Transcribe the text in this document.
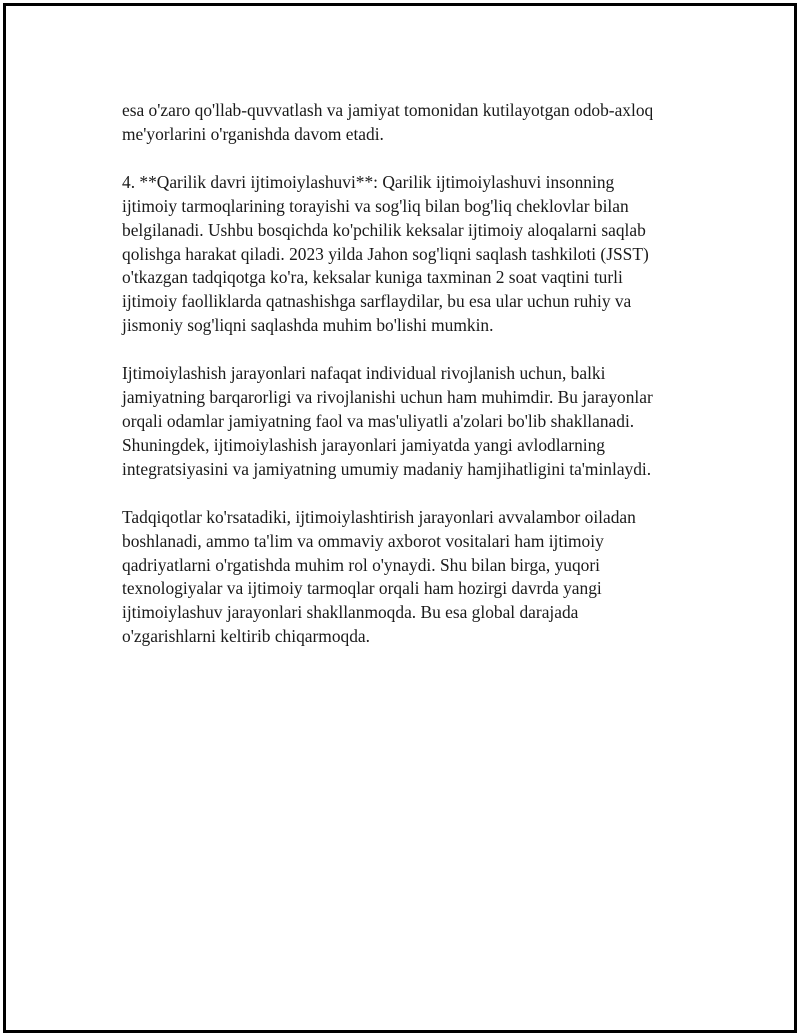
esa o'zaro qo'llab-quvvatlash va jamiyat tomonidan kutilayotgan odob-axloq
me'yorlarini o'rganishda davom etadi.

4. **Qarilik davri ijtimoiylashuvi**: Qarilik ijtimoiylashuvi insonning
ijtimoiy tarmoqlarining torayishi va sog'liq bilan bog'liq cheklovlar bilan
belgilanadi. Ushbu bosqichda ko'pchilik keksalar ijtimoiy aloqalarni saqlab
qolishga harakat qiladi. 2023 yilda Jahon sog'liqni saqlash tashkiloti (JSST)
o'tkazgan tadqiqotga ko'ra, keksalar kuniga taxminan 2 soat vaqtini turli
ijtimoiy faolliklarda qatnashishga sarflaydilar, bu esa ular uchun ruhiy va
jismoniy sog'liqni saqlashda muhim bo'lishi mumkin.

Ijtimoiylashish jarayonlari nafaqat individual rivojlanish uchun, balki
jamiyatning barqarorligi va rivojlanishi uchun ham muhimdir. Bu jarayonlar
orqali odamlar jamiyatning faol va mas'uliyatli a'zolari bo'lib shakllanadi.
Shuningdek, ijtimoiylashish jarayonlari jamiyatda yangi avlodlarning
integratsiyasini va jamiyatning umumiy madaniy hamjihatligini ta'minlaydi.

Tadqiqotlar ko'rsatadiki, ijtimoiylashtirish jarayonlari avvalambor oiladan
boshlanadi, ammo ta'lim va ommaviy axborot vositalari ham ijtimoiy
qadriyatlarni o'rgatishda muhim rol o'ynaydi. Shu bilan birga, yuqori
texnologiyalar va ijtimoiy tarmoqlar orqali ham hozirgi davrda yangi
ijtimoiylashuv jarayonlari shakllanmoqda. Bu esa global darajada
o'zgarishlarni keltirib chiqarmoqda.
